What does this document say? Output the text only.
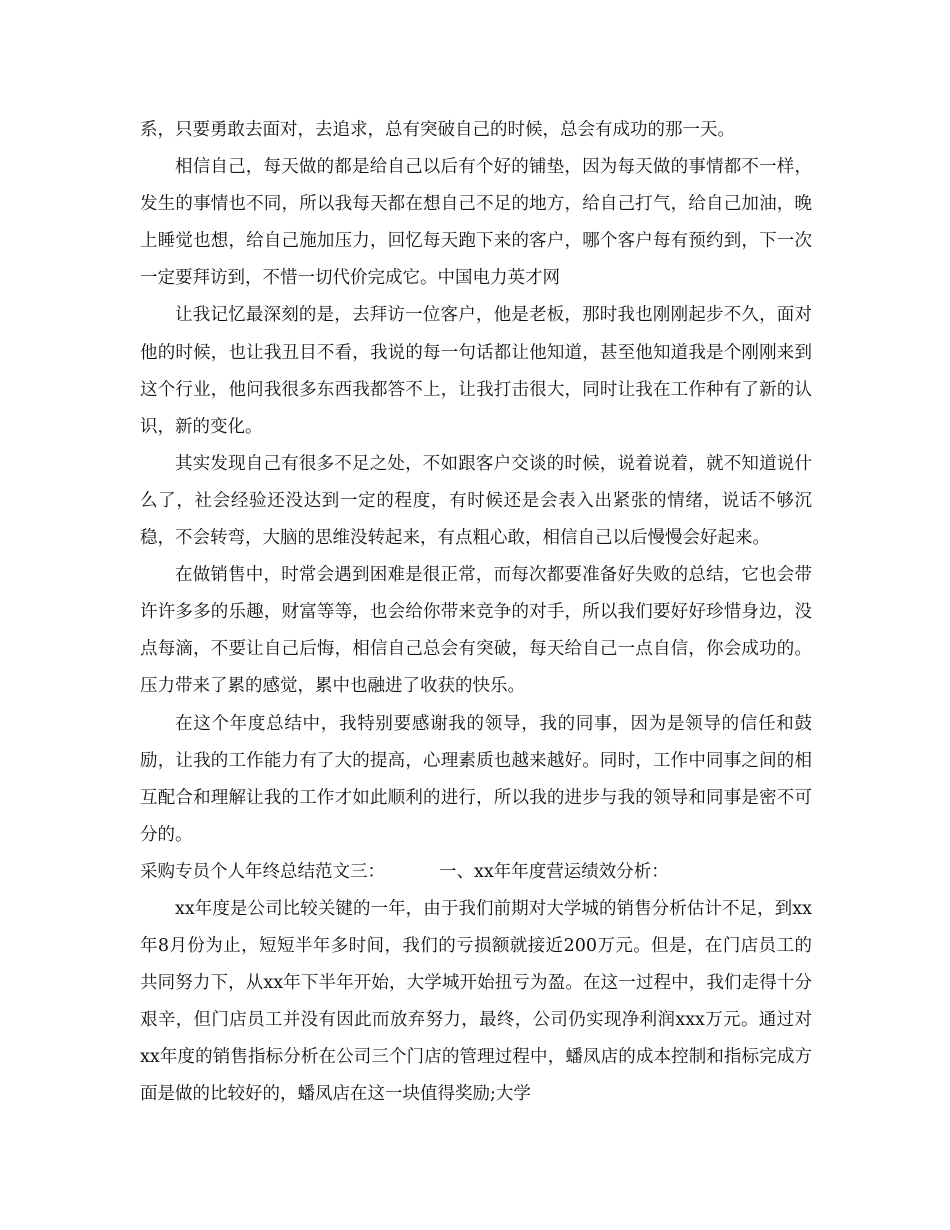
系，只要勇敢去面对，去追求，总有突破自己的时候，总会有成功的那一天。

相信自己，每天做的都是给自己以后有个好的铺垫，因为每天做的事情都不一样，发生的事情也不同，所以我每天都在想自己不足的地方，给自己打气，给自己加油，晚上睡觉也想，给自己施加压力，回忆每天跑下来的客户，哪个客户每有预约到，下一次一定要拜访到，不惜一切代价完成它。中国电力英才网

让我记忆最深刻的是，去拜访一位客户，他是老板，那时我也刚刚起步不久，面对他的时候，也让我丑目不看，我说的每一句话都让他知道，甚至他知道我是个刚刚来到这个行业，他问我很多东西我都答不上，让我打击很大，同时让我在工作种有了新的认识，新的变化。

其实发现自己有很多不足之处，不如跟客户交谈的时候，说着说着，就不知道说什么了，社会经验还没达到一定的程度，有时候还是会表入出紧张的情绪，说话不够沉稳，不会转弯，大脑的思维没转起来，有点粗心敢，相信自己以后慢慢会好起来。

在做销售中，时常会遇到困难是很正常，而每次都要准备好失败的总结，它也会带许许多多的乐趣，财富等等，也会给你带来竞争的对手，所以我们要好好珍惜身边，没点每滴，不要让自己后悔，相信自己总会有突破，每天给自己一点自信，你会成功的。压力带来了累的感觉，累中也融进了收获的快乐。

在这个年度总结中，我特别要感谢我的领导，我的同事，因为是领导的信任和鼓励，让我的工作能力有了大的提高，心理素质也越来越好。同时，工作中同事之间的相互配合和理解让我的工作才如此顺利的进行，所以我的进步与我的领导和同事是密不可分的。

采购专员个人年终总结范文三：	一、xx年年度营运绩效分析：

xx年度是公司比较关键的一年，由于我们前期对大学城的销售分析估计不足，到xx年8月份为止，短短半年多时间，我们的亏损额就接近200万元。但是，在门店员工的共同努力下，从xx年下半年开始，大学城开始扭亏为盈。在这一过程中，我们走得十分艰辛，但门店员工并没有因此而放弃努力，最终，公司仍实现净利润xxx万元。通过对xx年度的销售指标分析在公司三个门店的管理过程中，蟠凤店的成本控制和指标完成方面是做的比较好的，蟠凤店在这一块值得奖励;大学
